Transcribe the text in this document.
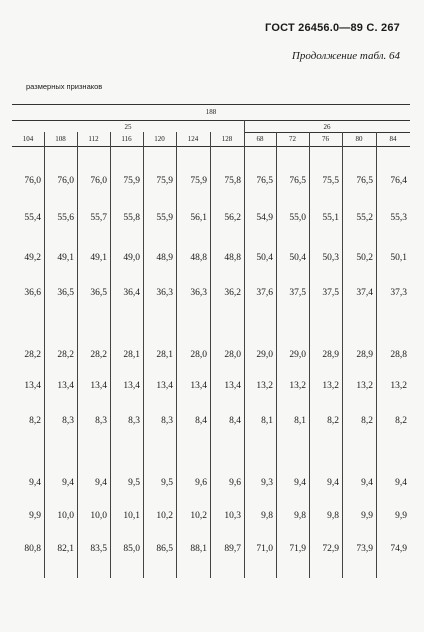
ГОСТ 26456.0—89 С. 267
Продолжение табл. 64
размерных признаков
188
25	26
104	108	112	116	120	124	128	68	72	76	80	84
76,0	76,0	76,0	75,9	75,9	75,9	75,8	76,5	76,5	75,5	76,5	76,4
55,4	55,6	55,7	55,8	55,9	56,1	56,2	54,9	55,0	55,1	55,2	55,3
49,2	49,1	49,1	49,0	48,9	48,8	48,8	50,4	50,4	50,3	50,2	50,1
36,6	36,5	36,5	36,4	36,3	36,3	36,2	37,6	37,5	37,5	37,4	37,3
28,2	28,2	28,2	28,1	28,1	28,0	28,0	29,0	29,0	28,9	28,9	28,8
13,4	13,4	13,4	13,4	13,4	13,4	13,4	13,2	13,2	13,2	13,2	13,2
8,2	8,3	8,3	8,3	8,3	8,4	8,4	8,1	8,1	8,2	8,2	8,2
9,4	9,4	9,4	9,5	9,5	9,6	9,6	9,3	9,4	9,4	9,4	9,4
9,9	10,0	10,0	10,1	10,2	10,2	10,3	9,8	9,8	9,8	9,9	9,9
80,8	82,1	83,5	85,0	86,5	88,1	89,7	71,0	71,9	72,9	73,9	74,9
